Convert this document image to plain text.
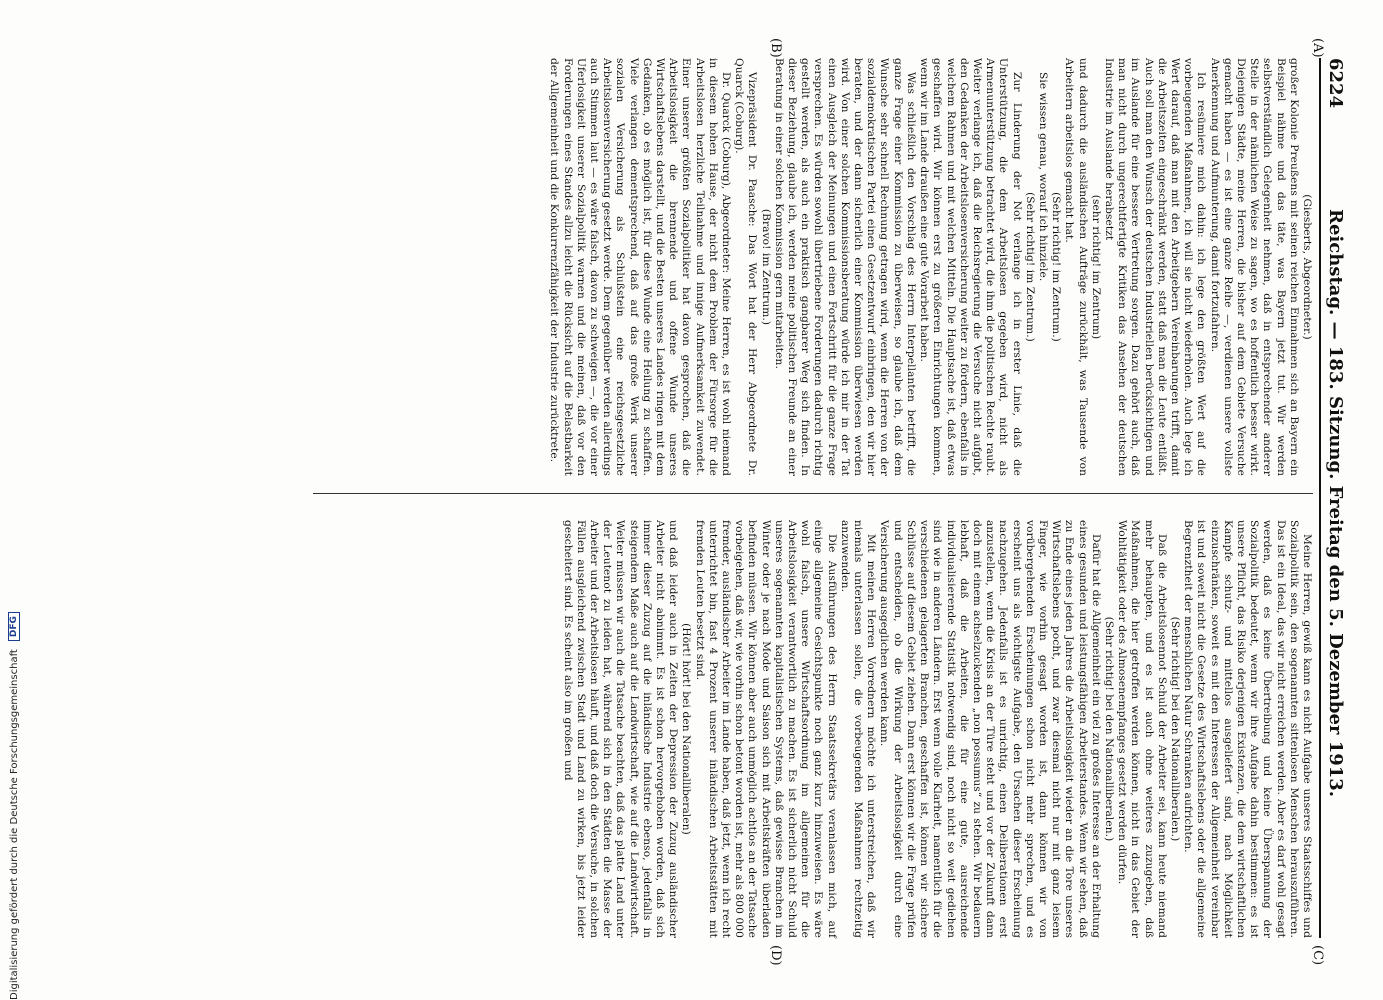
6224
Reichstag. — 183. Sitzung. Freitag den 5. Dezember 1913.
(A)
(B)
(C)
(D)

(Giesberts, Abgeordneter.)

großer Kolonie Preußens mit seinen reichen Einnahmen sich an Bayern ein Beispiel nähme und das täte, was Bayern jetzt tut. Wir werden selbstverständlich Gelegenheit nehmen, daß in entsprechender anderer Stelle in der nämlichen Weise zu sagen, wo es hoffentlich besser wirkt. Diejenigen Städte, meine Herren, die bisher auf dem Gebiete Versuche gemacht haben — es ist eine ganze Reihe —, verdienen unsere vollste Anerkennung und Aufmunterung, damit fortzufahren.

Ich resümiere mich dahin: ich lege den größten Wert auf die vorbeugenden Maßnahmen, ich will sie nicht wiederholen. Auch lege ich Wert darauf, daß man mit den Arbeitgebern Vereinbarungen trifft, damit die Arbeitszeiten eingeschränkt werden, statt daß man die Leute entläßt. Auch soll man den Wunsch der deutschen Industriellen berücksichtigen und im Auslande für eine bessere Vertretung sorgen. Dazu gehört auch, daß man nicht durch ungerechtfertigte Kritiken das Ansehen der deutschen Industrie im Auslande herabsetzt

(sehr richtig! im Zentrum)

und dadurch die ausländischen Aufträge zurückhält, was Tausende von Arbeitern arbeitslos gemacht hat.

(Sehr richtig! im Zentrum.)

Sie wissen genau, worauf ich hinziele.

(Sehr richtig! im Zentrum.)

Zur Linderung der Not verlange ich in erster Linie, daß die Unterstützung, die dem Arbeitslosen gegeben wird, nicht als Armenunterstützung betrachtet wird, die ihm die politischen Rechte raubt. Weiter verlange ich, daß die Reichsregierung die Versuche nicht aufgibt, den Gedanken der Arbeitslosenversicherung weiter zu fördern, ebenfalls in welchem Rahmen und mit welchen Mitteln. Die Hauptsache ist, daß etwas geschaffen wird. Wir können erst zu größeren Einrichtungen kommen, wenn wir im Lande draußen eine gute Vorarbeit haben.

Was schließlich den Vorschlag des Herrn Interpellanten betrifft, die ganze Frage einer Kommission zu überweisen, so glaube ich, daß dem Wunsche sehr schnell Rechnung getragen wird, wenn die Herren von der sozialdemokratischen Partei einen Gesetzentwurf einbringen, den wir hier beraten, und der dann sicherlich einer Kommission überwiesen werden wird. Von einer solchen Kommissionsberatung würde ich mir in der Tat einen Ausgleich der Meinungen und einen Fortschritt für die ganze Frage versprechen. Es würden sowohl übertriebene Forderungen dadurch richtig gestellt werden, als auch ein praktisch gangbarer Weg sich finden. In dieser Beziehung, glaube ich, werden meine politischen Freunde an einer Beratung in einer solchen Kommission gern mitarbeiten.

(Bravo! im Zentrum.)

Vizepräsident Dr. Paasche: Das Wort hat der Herr Abgeordnete Dr. Quarck (Coburg).

Dr. Quarck (Coburg), Abgeordneter: Meine Herren, es ist wohl niemand in diesem hohen Hause, der nicht dem Problem der Fürsorge für die Arbeitslosen herzliche Teilnahme und innige Aufmerksamkeit zuwendet. Einer unserer größten Sozialpolitiker hat davon gesprochen, daß die Arbeitslosigkeit die brennende und offene Wunde unseres Wirtschaftslebens darstellt, und die Besten unseres Landes ringen mit dem Gedanken, ob es möglich ist, für diese Wunde eine Heilung zu schaffen. Viele verlangen dementsprechend, daß auf das große Werk unserer sozialen Versicherung als Schlußstein eine reichsgesetzliche Arbeitslosenversicherung gesetzt werde. Dem gegenüber werden allerdings auch Stimmen laut — es wäre falsch, davon zu schweigen —, die vor einer Uferlosigkeit unserer Sozialpolitik warnen und die meinen, daß vor den Forderungen eines Standes allzu leicht die Rücksicht auf die Belastbarkeit der Allgemeinheit und die Konkurrenzfähigkeit der Industrie zurücktrete.

Meine Herren, gewiß kann es nicht Aufgabe unseres Staatsschiffes und Sozialpolitik sein, den sogenannten sittenlosen Menschen herauszuführen. Das ist ein Ideal, das wir nicht erreichen werden. Aber es darf wohl gesagt werden, daß es keine Übertreibung und keine Überspannung der Sozialpolitik bedeutet, wenn wir ihre Aufgabe dahin bestimmen: es ist unsere Pflicht, das Risiko derjenigen Existenzen, die dem wirtschaftlichen Kampfe schutz- und mittellos ausgeliefert sind, nach Möglichkeit einzuschränken, soweit es mit den Interessen der Allgemeinheit vereinbar ist und soweit nicht die Gesetze des Wirtschaftslebens oder die allgemeine Begrenztheit der menschlichen Natur Schranken aufrichten.

(Sehr richtig! bei den Nationalliberalen.)

Daß die Arbeitslosennot Schuld der Arbeiter sei, kann heute niemand mehr behaupten, und es ist auch ohne weiteres zuzugeben, daß Maßnahmen, die hier getroffen werden können, nicht in das Gebiet der Wohltätigkeit oder des Almosenempfanges gesetzt werden dürfen.

(Sehr richtig! bei den Nationalliberalen.)

Dafür hat die Allgemeinheit ein viel zu großes Interesse an der Erhaltung eines gesunden und leistungsfähigen Arbeiterstandes. Wenn wir sehen, daß zu Ende eines jeden Jahres die Arbeitslosigkeit wieder an die Tore unseres Wirtschaftslebens pocht, und zwar diesmal nicht nur mit ganz leisem Finger, wie vorhin gesagt worden ist, dann können wir von vorübergehenden Erscheinungen schon nicht mehr sprechen, und es erscheint uns als wichtigste Aufgabe, den Ursachen dieser Erscheinung nachzugehen. Jedenfalls ist es unrichtig, einen Deliberationen erst anzustellen, wenn die Krisis an der Türe steht und vor der Zukunft dann doch mit einem achselzuckenden „non possumus“ zu stehen. Wir bedauern lebhaft, daß die Arbeiten, die für eine gute, ausreichende individualisierende Statistik notwendig sind, noch nicht so weit gediehen sind wie in anderen Ländern. Erst wenn volle Klarheit, namentlich für die verschiedenen gelagerten Branchen, geschaffen ist, können wir sichere Schlüsse auf diesem Gebiet ziehen. Dann erst können wir die Frage prüfen und entscheiden, ob die Wirkung der Arbeitslosigkeit durch eine Versicherung ausgeglichen werden kann.

Mit meinen Herren Vorrednern möchte ich unterstreichen, daß wir niemals unterlassen sollen, die vorbeugenden Maßnahmen rechtzeitig anzuwenden.

Die Ausführungen des Herrn Staatssekretärs veranlassen mich, auf einige allgemeine Gesichtspunkte noch ganz kurz hinzuweisen. Es wäre wohl falsch, unsere Wirtschaftsordnung im allgemeinen für die Arbeitslosigkeit verantwortlich zu machen. Es ist sicherlich nicht Schuld unseres sogenannten kapitalistischen Systems, daß gewisse Branchen im Winter oder je nach Mode und Saison sich mit Arbeitskräften überladen befinden müssen. Wir können aber auch unmöglich achtlos an der Tatsache vorbeigehen, daß wir, wie vorhin schon betont worden ist, mehr als 800 000 fremder, ausländischer Arbeiter im Lande haben, daß jetzt, wenn ich recht unterrichtet bin, fast 4 Prozent unserer inländischen Arbeitsstätten mit fremden Leuten besetzt sind.

(Hört! hört! bei den Nationalliberalen)

und daß leider auch in Zeiten der Depression der Zuzug ausländischer Arbeiter nicht abnimmt. Es ist schon hervorgehoben worden, daß sich immer dieser Zuzug auf die inländische Industrie ebenso, jedenfalls in steigendem Maße auch auf die Landwirtschaft, wie auf die Landwirtschaft. Weiter müssen wir auch die Tatsache beachten, daß das platte Land unter der Leutenot zu leiden hat, während sich in den Städten die Masse der Arbeiter und der Arbeitslosen häuft, und daß doch die Versuche, in solchen Fällen ausgleichend zwischen Stadt und Land zu wirken, bis jetzt leider gescheitert sind. Es scheint also im großen und

Digitalisierung gefördert durch die Deutsche Forschungsgemeinschaft
DFG
